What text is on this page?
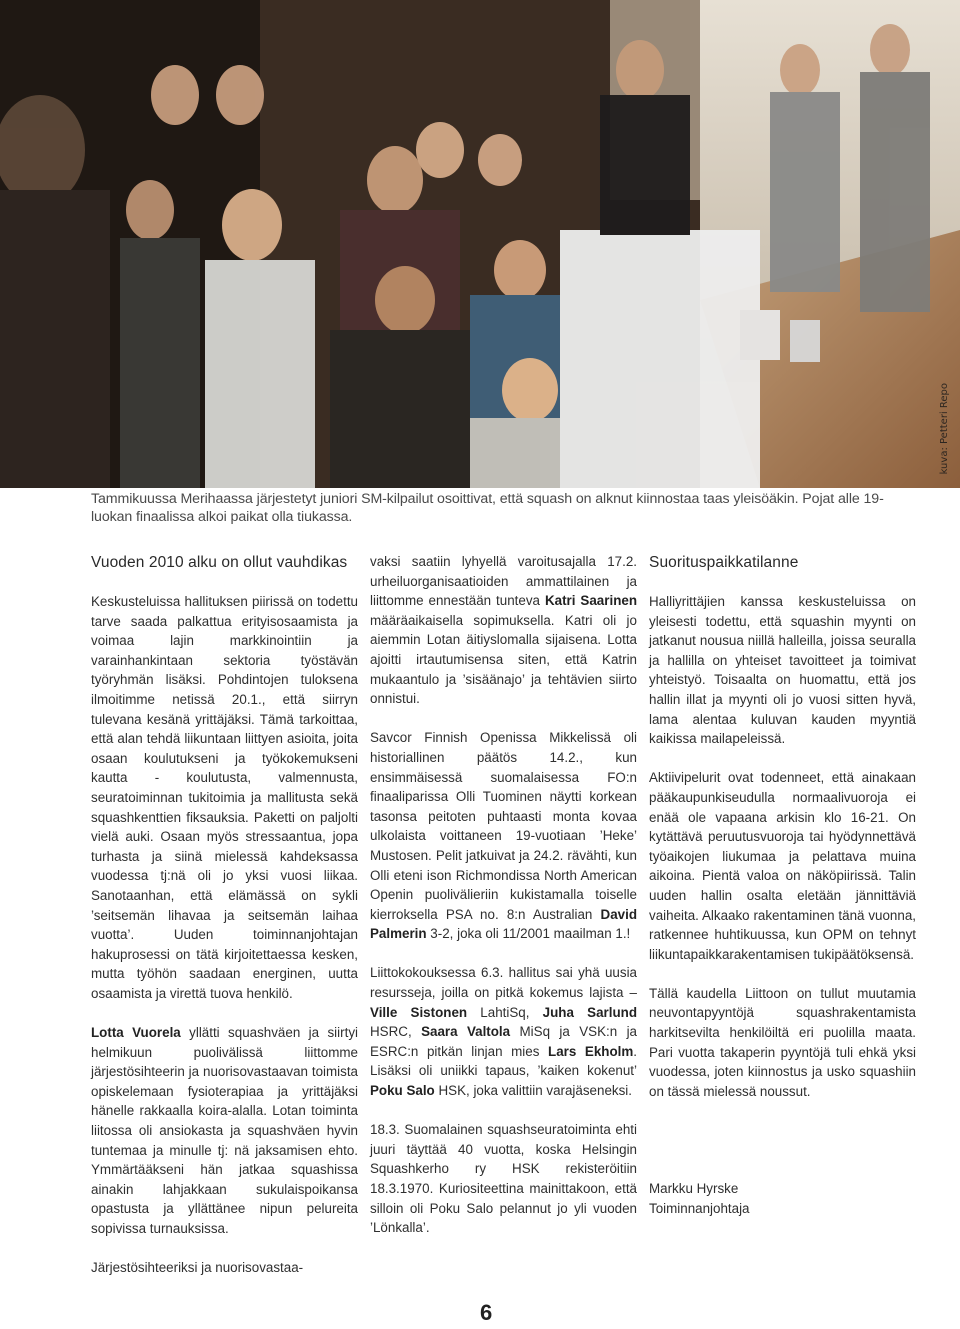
kuva: Petteri Repo
Tammikuussa Merihaassa järjestetyt juniori SM-kilpailut osoittivat, että squash on alknut kiinnostaa taas yleisöäkin. Pojat alle 19-luokan finaalissa alkoi paikat olla tiukassa.
Vuoden 2010 alku on ollut vauhdikas

Keskusteluissa hallituksen piirissä on todettu tarve saada palkattua erityisosaamista ja voimaa lajin markkinointiin ja varainhankintaan sektoria työstävän työryhmän lisäksi. Pohdintojen tuloksena ilmoitimme netissä 20.1., että siirryn tulevana kesänä yrittäjäksi. Tämä tarkoittaa, että alan tehdä liikuntaan liittyen asioita, joita osaan koulutukseni ja työkokemukseni kautta - koulutusta, valmennusta, seuratoiminnan tukitoimia ja mallitusta sekä squashkenttien fiksauksia. Paketti on paljolti vielä auki. Osaan myös stressaantua, jopa turhasta ja siinä mielessä kahdeksassa vuodessa tj:nä oli jo yksi vuosi liikaa. Sanotaanhan, että elämässä on sykli ’seitsemän lihavaa ja seitsemän laihaa vuotta’. Uuden toiminnanjohtajan hakuprosessi on tätä kirjoitettaessa kesken, mutta työhön saadaan energinen, uutta osaamista ja virettä tuova henkilö.

Lotta Vuorela yllätti squashväen ja siirtyi helmikuun puolivälissä liittomme järjestösihteerin ja nuorisovastaavan toimista opiskelemaan fysioterapiaa ja yrittäjäksi hänelle rakkaalla koira-alalla. Lotan toiminta liitossa oli ansiokasta ja squashväen hyvin tuntemaa ja minulle tj: nä jaksamisen ehto. Ymmärtääkseni hän jatkaa squashissa ainakin lahjakkaan sukulaispoikansa opastusta ja yllättänee nipun pelureita sopivissa turnauksissa.

Järjestösihteeriksi ja nuorisovastaa-

vaksi saatiin lyhyellä varoitusajalla 17.2. urheiluorganisaatioiden ammattilainen ja liittomme ennestään tunteva Katri Saarinen määräaikaisella sopimuksella. Katri oli jo aiemmin Lotan äitiyslomalla sijaisena. Lotta ajoitti irtautumisensa siten, että Katrin mukaantulo ja ’sisäänajo’ ja tehtävien siirto onnistui.

Savcor Finnish Openissa Mikkelissä oli historiallinen päätös 14.2., kun ensimmäisessä suomalaisessa FO:n finaaliparissa Olli Tuominen näytti korkean tasonsa peitoten puhtaasti monta kovaa ulkolaista voittaneen 19-vuotiaan ’Heke’ Mustosen. Pelit jatkuivat ja 24.2. rävähti, kun Olli eteni ison Richmondissa North American Openin puolivälieriin kukistamalla toiselle kierroksella PSA no. 8:n Australian David Palmerin 3-2, joka oli 11/2001 maailman 1.!

Liittokokouksessa 6.3. hallitus sai yhä uusia resursseja, joilla on pitkä kokemus lajista – Ville Sistonen LahtiSq, Juha Sarlund HSRC, Saara Valtola MiSq ja VSK:n ja ESRC:n pitkän linjan mies Lars Ekholm. Lisäksi oli uniikki tapaus, ’kaiken kokenut’ Poku Salo HSK, joka valittiin varajäseneksi.

18.3. Suomalainen squashseuratoiminta ehti juuri täyttää 40 vuotta, koska Helsingin Squashkerho ry HSK rekisteröitiin 18.3.1970. Kuriositeettina mainittakoon, että silloin oli Poku Salo pelannut jo yli vuoden ’Lönkalla’.

Suorituspaikkatilanne

Halliyrittäjien kanssa keskusteluissa on yleisesti todettu, että squashin myynti on jatkanut nousua niillä halleilla, joissa seuralla ja hallilla on yhteiset tavoitteet ja toimivat yhteistyö. Toisaalta on huomattu, että jos hallin illat ja myynti oli jo vuosi sitten hyvä, lama alentaa kuluvan kauden myyntiä kaikissa mailapeleissä.

Aktiivipelurit ovat todenneet, että ainakaan pääkaupunkiseudulla normaalivuoroja ei enää ole vapaana arkisin klo 16-21. On kytättävä peruutusvuoroja tai hyödynnettävä työaikojen liukumaa ja pelattava muina aikoina. Pientä valoa on näköpiirissä. Talin uuden hallin osalta eletään jännittäviä vaiheita. Alkaako rakentaminen tänä vuonna, ratkennee huhtikuussa, kun OPM on tehnyt liikuntapaikkarakentamisen tukipäätöksensä.

Tällä kaudella Liittoon on tullut muutamia neuvontapyyntöjä squashrakentamista harkitsevilta henkilöiltä eri puolilla maata. Pari vuotta takaperin pyyntöjä tuli ehkä yksi vuodessa, joten kiinnostus ja usko squashiin on tässä mielessä noussut.

Markku Hyrske
Toiminnanjohtaja
6
